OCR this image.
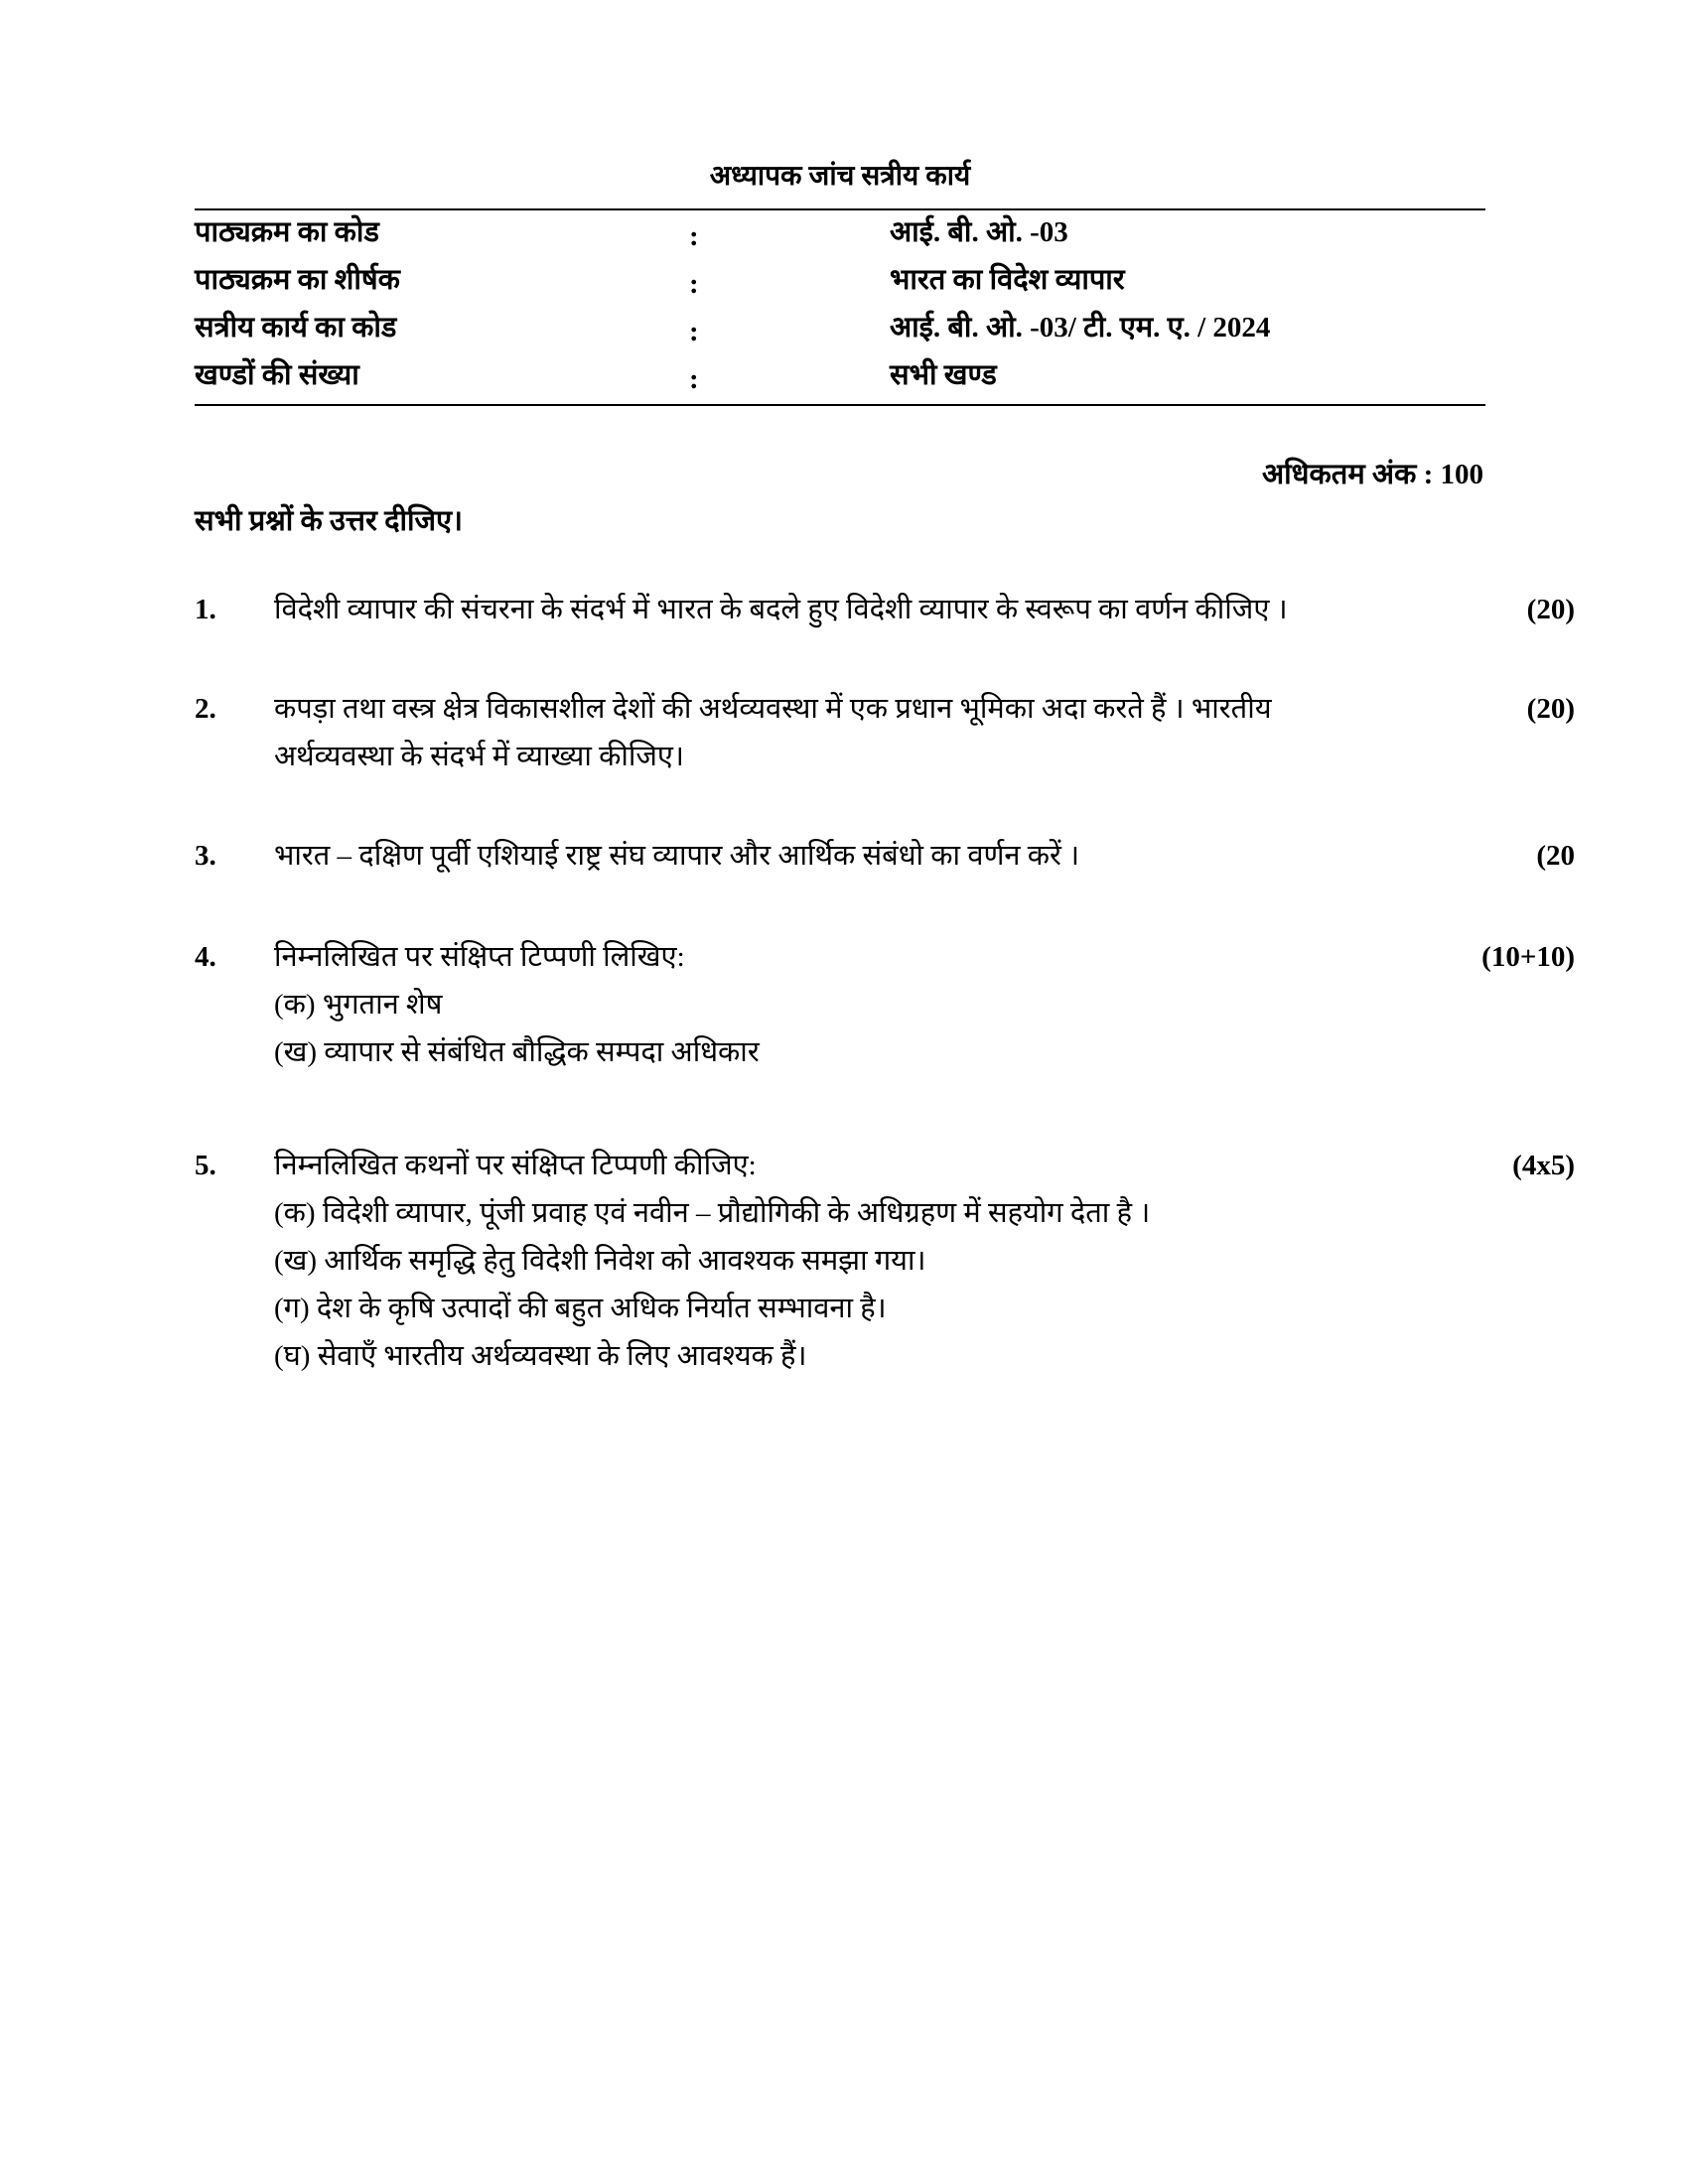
अध्यापक जांच सत्रीय कार्य
पाठ्यक्रम का कोड	:	आई. बी. ओ. -03
पाठ्यक्रम का शीर्षक	:	भारत का विदेश व्यापार
सत्रीय कार्य का कोड	:	आई. बी. ओ. -03/ टी. एम. ए. / 2024
खण्डों की संख्या	:	सभी खण्ड
अधिकतम अंक : 100
सभी प्रश्नों के उत्तर दीजिए।
1. विदेशी व्यापार की संचरना के संदर्भ में भारत के बदले हुए विदेशी व्यापार के स्वरूप का वर्णन कीजिए ।	(20)
2. कपड़ा तथा वस्त्र क्षेत्र विकासशील देशों की अर्थव्यवस्था में एक प्रधान भूमिका अदा करते हैं । भारतीय
अर्थव्यवस्था के संदर्भ में व्याख्या कीजिए।
(20)
3. भारत – दक्षिण पूर्वी एशियाई राष्ट्र संघ व्यापार और आर्थिक संबंधो का वर्णन करें ।	(20
4. निम्नलिखित पर संक्षिप्त टिप्पणी लिखिए:
(क) भुगतान शेष
(ख) व्यापार से संबंधित बौद्धिक सम्पदा अधिकार
(10+10)
5. निम्नलिखित कथनों पर संक्षिप्त टिप्पणी कीजिए:
(क) विदेशी व्यापार, पूंजी प्रवाह एवं नवीन – प्रौद्योगिकी के अधिग्रहण में सहयोग देता है ।
(ख) आर्थिक समृद्धि हेतु विदेशी निवेश को आवश्यक समझा गया।
(ग) देश के कृषि उत्पादों की बहुत अधिक निर्यात सम्भावना है।
(घ) सेवाएँ भारतीय अर्थव्यवस्था के लिए आवश्यक हैं।
(4x5)
